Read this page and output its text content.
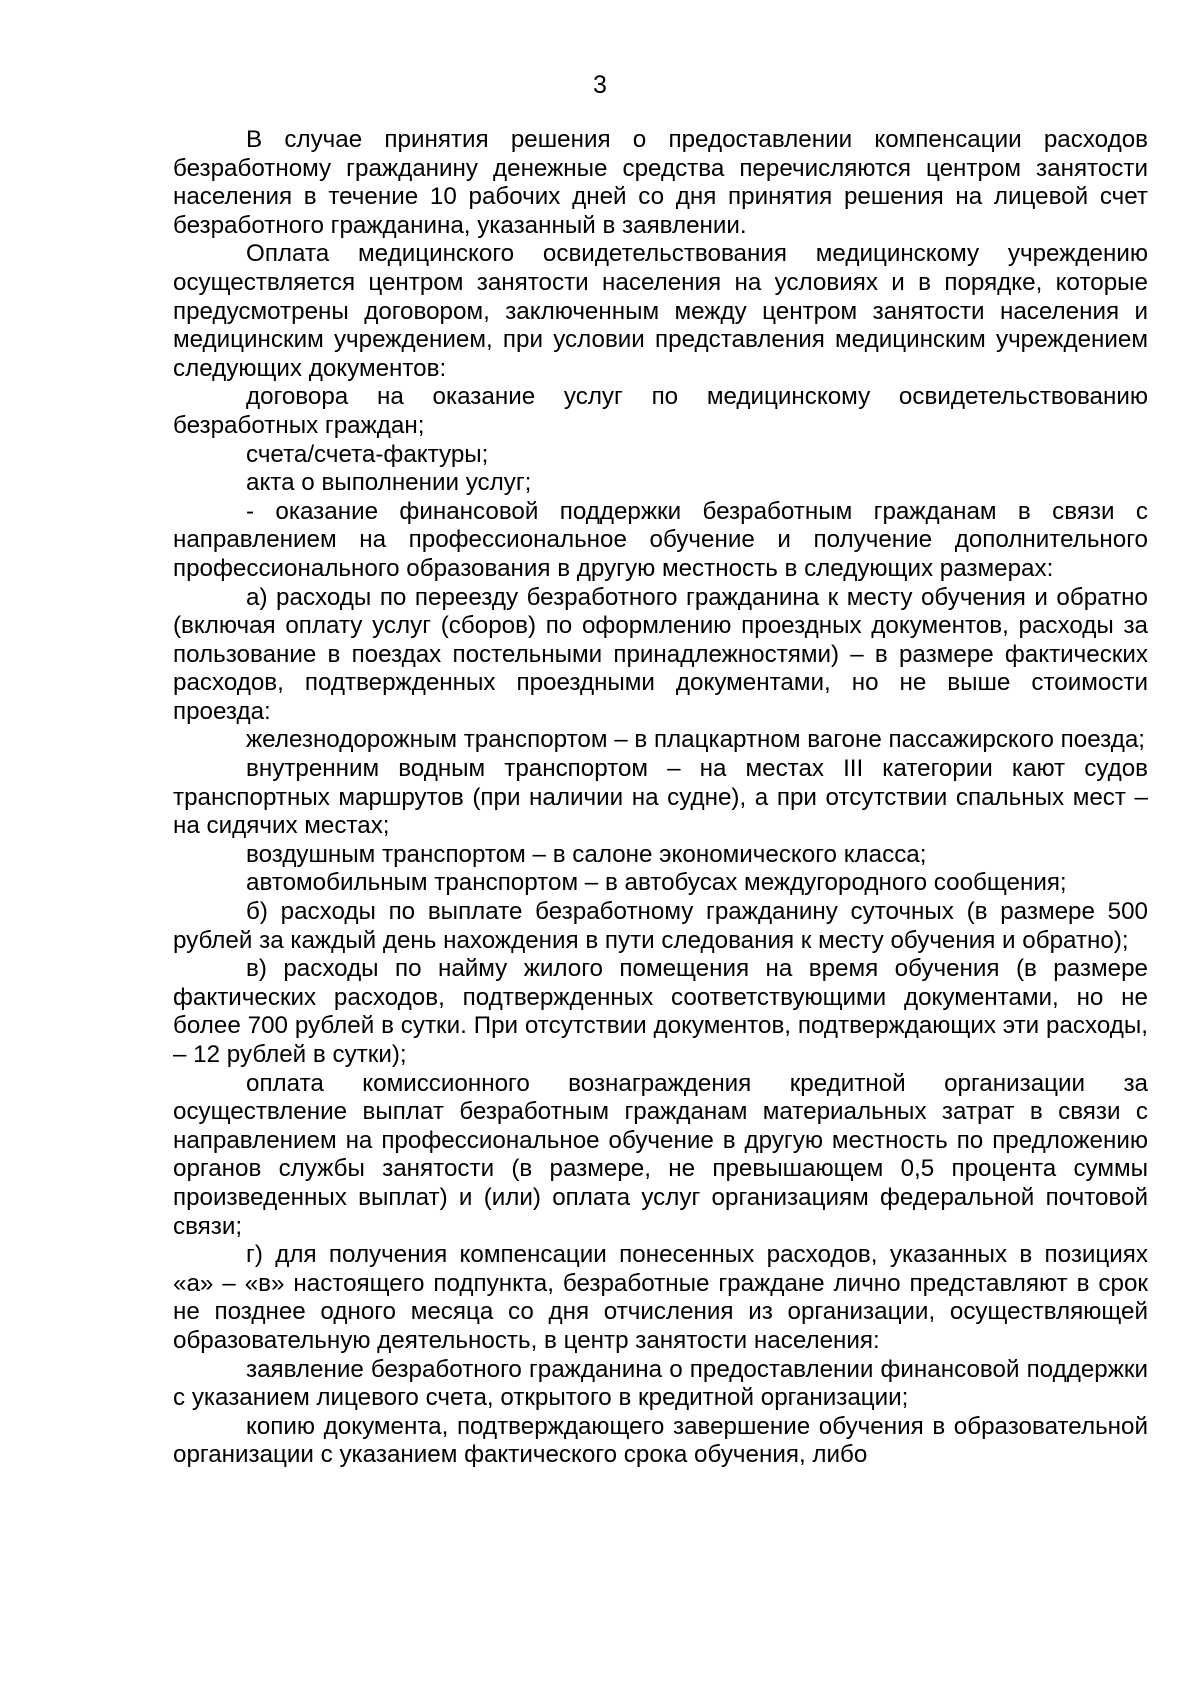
3

В случае принятия решения о предоставлении компенсации расходов безработному гражданину денежные средства перечисляются центром занятости населения в течение 10 рабочих дней со дня принятия решения на лицевой счет безработного гражданина, указанный в заявлении.

Оплата медицинского освидетельствования медицинскому учреждению осуществляется центром занятости населения на условиях и в порядке, которые предусмотрены договором, заключенным между центром занятости населения и медицинским учреждением, при условии представления медицинским учреждением следующих документов:

договора на оказание услуг по медицинскому освидетельствованию безработных граждан;

счета/счета-фактуры;

акта о выполнении услуг;

- оказание финансовой поддержки безработным гражданам в связи с направлением на профессиональное обучение и получение дополнительного профессионального образования в другую местность в следующих размерах:

а) расходы по переезду безработного гражданина к месту обучения и обратно (включая оплату услуг (сборов) по оформлению проездных документов, расходы за пользование в поездах постельными принадлежностями) – в размере фактических расходов, подтвержденных проездными документами, но не выше стоимости проезда:

железнодорожным транспортом – в плацкартном вагоне пассажирского поезда;

внутренним водным транспортом – на местах III категории кают судов транспортных маршрутов (при наличии на судне), а при отсутствии спальных мест – на сидячих местах;

воздушным транспортом – в салоне экономического класса;

автомобильным транспортом – в автобусах междугородного сообщения;

б) расходы по выплате безработному гражданину суточных (в размере 500 рублей за каждый день нахождения в пути следования к месту обучения и обратно);

в) расходы по найму жилого помещения на время обучения (в размере фактических расходов, подтвержденных соответствующими документами, но не более 700 рублей в сутки. При отсутствии документов, подтверждающих эти расходы, – 12 рублей в сутки);

оплата комиссионного вознаграждения кредитной организации за осуществление выплат безработным гражданам материальных затрат в связи с направлением на профессиональное обучение в другую местность по предложению органов службы занятости (в размере, не превышающем 0,5 процента суммы произведенных выплат) и (или) оплата услуг организациям федеральной почтовой связи;

г) для получения компенсации понесенных расходов, указанных в позициях «а» – «в» настоящего подпункта, безработные граждане лично представляют в срок не позднее одного месяца со дня отчисления из организации, осуществляющей образовательную деятельность, в центр занятости населения:

заявление безработного гражданина о предоставлении финансовой поддержки с указанием лицевого счета, открытого в кредитной организации;

копию документа, подтверждающего завершение обучения в образовательной организации с указанием фактического срока обучения, либо
